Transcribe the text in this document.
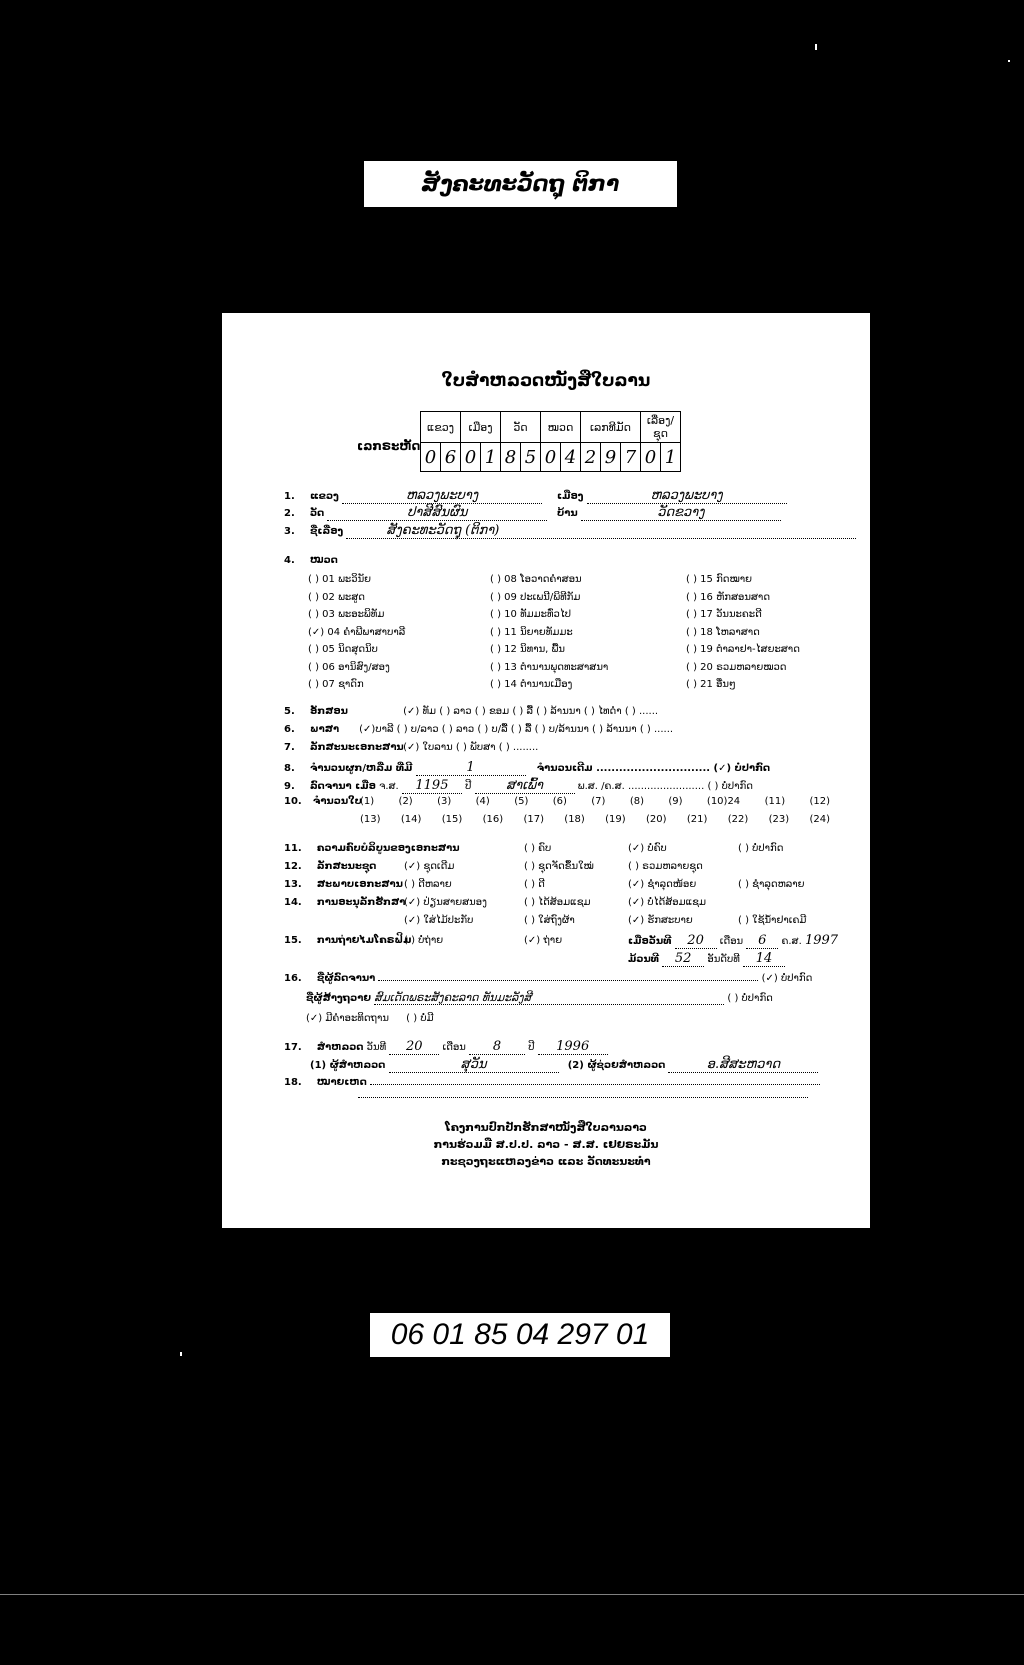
ສັງຄະທະວັດຖຸ ຕິກາ
ໃບສຳຫລວດໜັງສືໃບລານ
ເລກຣະຫັດ
ແຂວງ		ເມືອງ		ວັດ		ໝວດ		ເລກທີມັດ			ເລື່ອງ/ຊຸດ	
0	6	0	1	8	5	0	4	2	9	7	0	1
1. ແຂວງ	ຫລວງພະບາງ	ເມືອງ	ຫລວງພະບາງ
2. ວັດ	ປາສີສົນຜົນ	ບ້ານ	ວັດຂວາງ
3. ຊື່ເລື່ອງ	ສັງຄະທະວັດຖຸ (ຕິກາ)
4. ໝວດ
( ) 01 ພະວິນັຍ
( ) 02 ພະສູດ
( ) 03 ພະອະພິທັມ
(✓) 04 ຄຳພີພາສາບາລີ
( ) 05 ນິດສຸດນິບ
( ) 06 ອານິສົງ/ສອງ
( ) 07 ຊາດົກ
( ) 08 ໂອວາດຄຳສອນ
( ) 09 ປະເພນີ/ພິທີກັມ
( ) 10 ທັມມະທົ່ວໄປ
( ) 11 ນິຍາຍທັມມະ
( ) 12 ນິທານ, ພື້ນ
( ) 13 ຕຳນານພຸດທະສາສນາ
( ) 14 ຕຳນານເມືອງ
( ) 15 ກົດໝາຍ
( ) 16 ຫັກສອນສາດ
( ) 17 ວັນນະຄະດີ
( ) 18 ໂຫລາສາດ
( ) 19 ຕຳລາຢາ-ໄສຍະສາດ
( ) 20 ຣວມຫລາຍໝວດ
( ) 21 ອື່ນໆ
5. ອັກສອນ	(✓) ທັມ ( ) ລາວ ( ) ຂອມ ( ) ລື້ ( ) ລ້ານນາ ( ) ໄທດຳ ( ) ......
6. ພາສາ (✓)ບາລີ ( ) ບ/ລາວ ( ) ລາວ ( ) ບ/ລື້ ( ) ລື້ ( ) ບ/ລ້ານນາ ( ) ລ້ານນາ ( ) ......
7. ລັກສະນະເອກະສານ (✓) ໃບລານ ( ) ພັບສາ ( ) ........
8. ຈຳນວນຜູກ/ຫລື່ມ ທີ່ມີ	1	ຈຳນວນເດີມ .............................. (✓) ບໍ່ປາກົດ
9. ລົດຈານາ ເມື່ອ ຈ.ສ. 1195 ປີ	ສາເພົ້າ	ພ.ສ. /ຄ.ສ. ........................ ( ) ບໍ່ປາກົດ
10. ຈຳນວນໃບ
(1) (2) (3) (4) (5) (6) (7) (8) (9) (10)24 (11) (12)
(13) (14) (15) (16) (17) (18) (19) (20) (21) (22) (23) (24)
11. ຄວາມຄົບບໍລິບູນຂອງເອກະສານ	( ) ຄົບ	(✓) ບໍ່ຄົບ	( ) ບໍ່ປາກົດ
12. ລັກສະນະຊຸດ	(✓) ຊຸດເດີມ	( ) ຊຸດຈັດຂຶ້ນໃໝ່	( ) ຣວມຫລາຍຊຸດ
13. ສະພາບເອກະສານ ( ) ດີຫລາຍ	( ) ດີ	(✓) ຊຳລຸດໜ້ອຍ	( ) ຊຳລຸດຫລາຍ
14. ການອະນຸລັກຮັກສາ
(✓) ປ່ຽນສາຍສນອງ	( ) ໄດ້ສ້ອມແຊມ	(✓) ບໍ່ໄດ້ສ້ອມແຊມ
(✓) ໃສ່ໄມ້ປະກັບ	( ) ໃສ່ຖົງຜ້າ	(✓) ຮັກສະບາຍ	( ) ໃຊ້ນ້ຳຢາເຄມີ
15. ການຖ່າຍໄມໂຄຣຟິມ
( ) ບໍ່ຖ່າຍ	(✓) ຖ່າຍ	ເມື່ອວັນທີ 20 ເດືອນ 6 ຄ.ສ. 1997
ມ້ວນທີ 52 ອັນດັບທີ 14
16. ຊື່ຜູ້ລົດຈານາ	(✓) ບໍ່ປາກົດ
ຊື່ຜູ້ສ້າງຖວາຍ ສົມເດັດພຣະສັງຄະລາດ ທັນມະລັງສີ	( ) ບໍ່ປາກົດ
(✓) ມີຄຳອະທິດຖານ ( ) ບໍ່ມີ
17. ສຳຫລວດ ວັນທີ 20 ເດືອນ 8	ປີ 1996
(1) ຜູ້ສຳຫລວດ	ສຸວັນ	(2) ຜູ້ຊ່ວຍສຳຫລວດ	ອ.ສີສະຫວາດ
18. ໝາຍເຫດ
ໂຄງການປົກປັກຮັກສາໜັງສືໃບລານລາວ
ການຮ່ວມມື ສ.ປ.ປ. ລາວ - ສ.ສ. ເຢຍຣະມັນ
ກະຊວງຖະແຫລງຂ່າວ ແລະ ວັດທະນະທຳ
06 01 85 04 297 01
